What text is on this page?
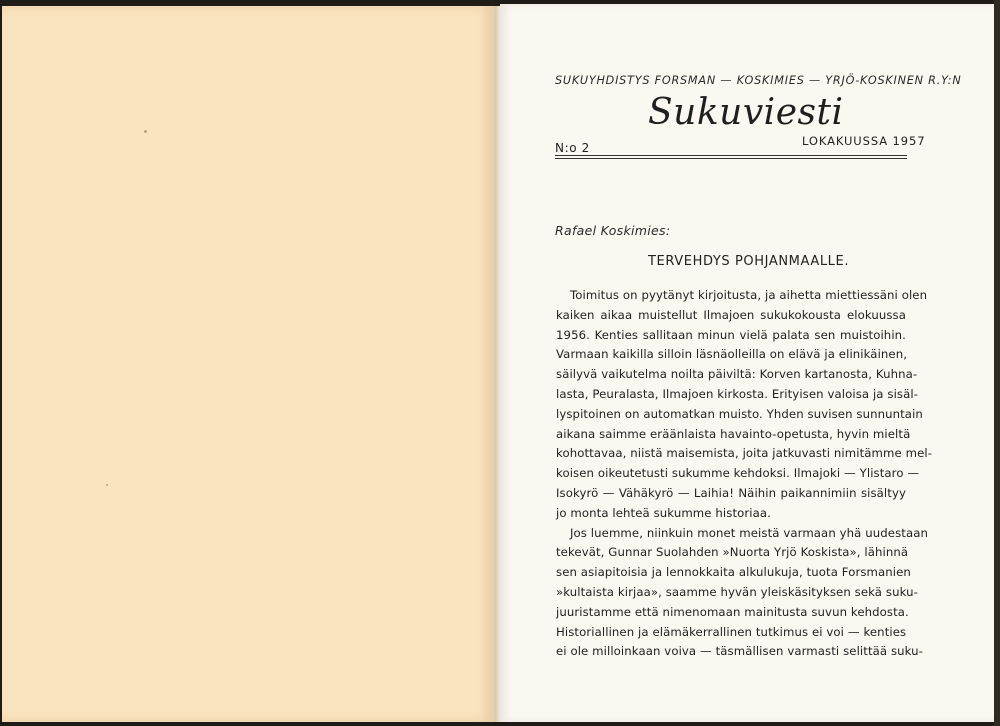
SUKUYHDISTYS FORSMAN — KOSKIMIES — YRJÖ-KOSKINEN R.Y:N
Sukuviesti
N:o 2	LOKAKUUSSA 1957
Rafael Koskimies:
TERVEHDYS POHJANMAALLE.
Toimitus on pyytänyt kirjoitusta, ja aihetta miettiessäni olen
kaiken aikaa muistellut Ilmajoen sukukokousta elokuussa
1956. Kenties sallitaan minun vielä palata sen muistoihin.
Varmaan kaikilla silloin läsnäolleilla on elävä ja elinikäinen,
säilyvä vaikutelma noilta päiviltä: Korven kartanosta, Kuhna-
lasta, Peuralasta, Ilmajoen kirkosta. Erityisen valoisa ja sisäl-
lyspitoinen on automatkan muisto. Yhden suvisen sunnuntain
aikana saimme eräänlaista havainto-opetusta, hyvin mieltä
kohottavaa, niistä maisemista, joita jatkuvasti nimitämme mel-
koisen oikeutetusti sukumme kehdoksi. Ilmajoki — Ylistaro —
Isokyrö — Vähäkyrö — Laihia! Näihin paikannimiin sisältyy
jo monta lehteä sukumme historiaa.
Jos luemme, niinkuin monet meistä varmaan yhä uudestaan
tekevät, Gunnar Suolahden »Nuorta Yrjö Koskista», lähinnä
sen asiapitoisia ja lennokkaita alkulukuja, tuota Forsmanien
»kultaista kirjaa», saamme hyvän yleiskäsityksen sekä suku-
juuristamme että nimenomaan mainitusta suvun kehdosta.
Historiallinen ja elämäkerrallinen tutkimus ei voi — kenties
ei ole milloinkaan voiva — täsmällisen varmasti selittää suku-
